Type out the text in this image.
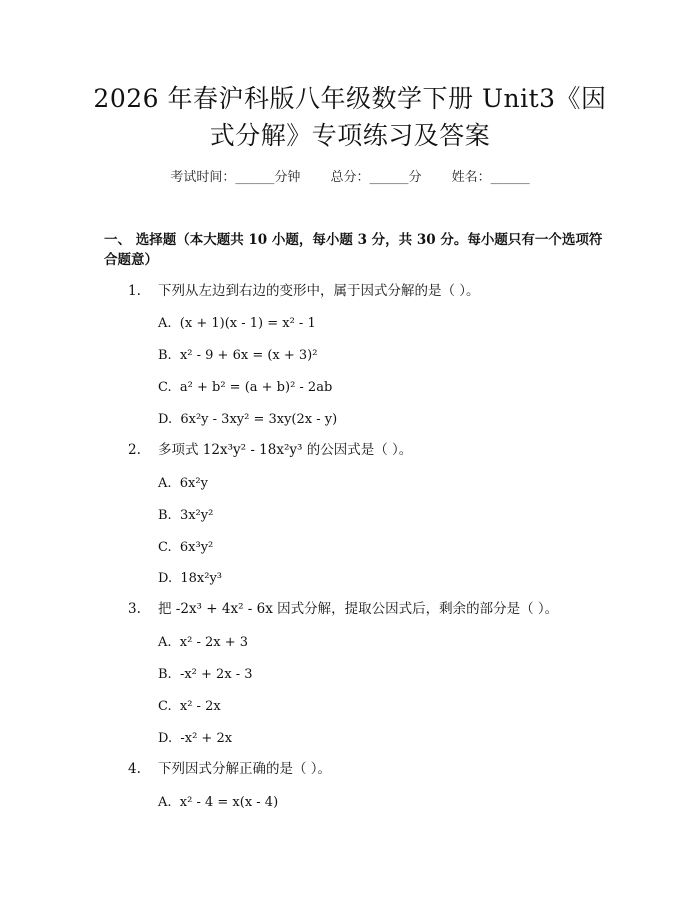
2026 年春沪科版八年级数学下册 Unit3《因式分解》专项练习及答案
考试时间：______分钟 总分：______分 姓名：______
一、 选择题（本大题共 10 小题，每小题 3 分，共 30 分。每小题只有一个选项符合题意）
1. 下列从左边到右边的变形中，属于因式分解的是（ ）。
A.  (x + 1)(x - 1) = x² - 1
B.  x² - 9 + 6x = (x + 3)²
C.  a² + b² = (a + b)² - 2ab
D.  6x²y - 3xy² = 3xy(2x - y)
2. 多项式 12x³y² - 18x²y³ 的公因式是（ ）。
A.  6x²y
B.  3x²y²
C.  6x³y²
D.  18x²y³
3. 把 -2x³ + 4x² - 6x 因式分解，提取公因式后，剩余的部分是（ ）。
A.  x² - 2x + 3
B.  -x² + 2x - 3
C.  x² - 2x
D.  -x² + 2x
4. 下列因式分解正确的是（ ）。
A.  x² - 4 = x(x - 4)
